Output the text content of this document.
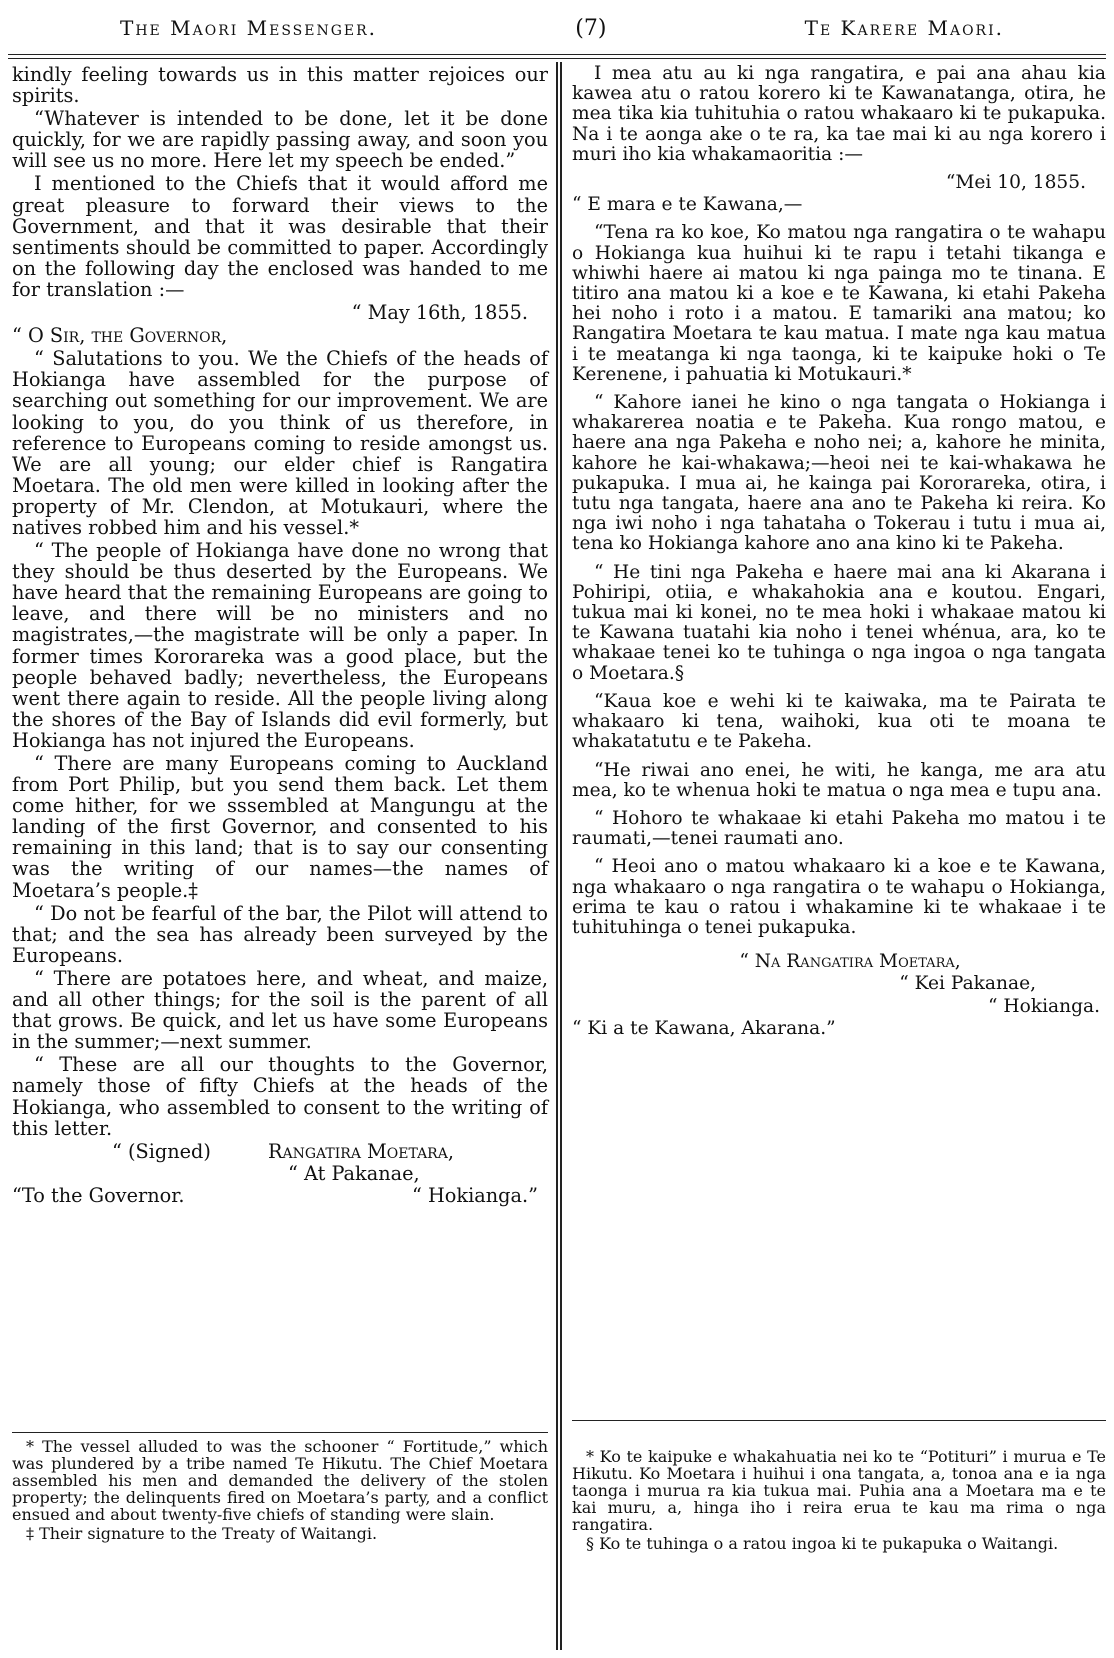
The Maori Messenger.	(7)	Te Karere Maori.

kindly feeling towards us in this matter rejoices our spirits.

“Whatever is intended to be done, let it be done quickly, for we are rapidly passing away, and soon you will see us no more. Here let my speech be ended.”

I mentioned to the Chiefs that it would afford me great pleasure to forward their views to the Government, and that it was desirable that their sentiments should be committed to paper. Accordingly on the following day the enclosed was handed to me for translation :—

“ May 16th, 1855.

“ O Sir, the Governor,

“ Salutations to you. We the Chiefs of the heads of Hokianga have assembled for the purpose of searching out something for our improvement. We are looking to you, do you think of us therefore, in reference to Europeans coming to reside amongst us. We are all young; our elder chief is Rangatira Moetara. The old men were killed in looking after the property of Mr. Clendon, at Motukauri, where the natives robbed him and his vessel.*

“ The people of Hokianga have done no wrong that they should be thus deserted by the Europeans. We have heard that the remaining Europeans are going to leave, and there will be no ministers and no magistrates,—the magistrate will be only a paper. In former times Kororareka was a good place, but the people behaved badly; nevertheless, the Europeans went there again to reside. All the people living along the shores of the Bay of Islands did evil formerly, but Hokianga has not injured the Europeans.

“ There are many Europeans coming to Auckland from Port Philip, but you send them back. Let them come hither, for we sssembled at Mangungu at the landing of the first Governor, and consented to his remaining in this land; that is to say our consenting was the writing of our names—the names of Moetara’s people.‡

“ Do not be fearful of the bar, the Pilot will attend to that; and the sea has already been surveyed by the Europeans.

“ There are potatoes here, and wheat, and maize, and all other things; for the soil is the parent of all that grows. Be quick, and let us have some Europeans in the summer;—next summer.

“ These are all our thoughts to the Governor, namely those of fifty Chiefs at the heads of the Hokianga, who assembled to consent to the writing of this letter.

“ (Signed)	Rangatira Moetara,
“ At Pakanae,
“To the Governor.	“ Hokianga.”

* The vessel alluded to was the schooner “ Fortitude,” which was plundered by a tribe named Te Hikutu. The Chief Moetara assembled his men and demanded the delivery of the stolen property; the delinquents fired on Moetara’s party, and a conflict ensued and about twenty-five chiefs of standing were slain.

‡ Their signature to the Treaty of Waitangi.

I mea atu au ki nga rangatira, e pai ana ahau kia kawea atu o ratou korero ki te Kawanatanga, otira, he mea tika kia tuhituhia o ratou whakaaro ki te pukapuka. Na i te aonga ake o te ra, ka tae mai ki au nga korero i muri iho kia whakamaoritia :—

“Mei 10, 1855.

“ E mara e te Kawana,—

“Tena ra ko koe, Ko matou nga rangatira o te wahapu o Hokianga kua huihui ki te rapu i tetahi tikanga e whiwhi haere ai matou ki nga painga mo te tinana. E titiro ana matou ki a koe e te Kawana, ki etahi Pakeha hei noho i roto i a matou. E tamariki ana matou; ko Rangatira Moetara te kau matua. I mate nga kau matua i te meatanga ki nga taonga, ki te kaipuke hoki o Te Kerenene, i pahuatia ki Motukauri.*

“ Kahore ianei he kino o nga tangata o Hokianga i whakarerea noatia e te Pakeha. Kua rongo matou, e haere ana nga Pakeha e noho nei; a, kahore he minita, kahore he kai-whakawa;—heoi nei te kai-whakawa he pukapuka. I mua ai, he kainga pai Kororareka, otira, i tutu nga tangata, haere ana ano te Pakeha ki reira. Ko nga iwi noho i nga tahataha o Tokerau i tutu i mua ai, tena ko Hokianga kahore ano ana kino ki te Pakeha.

“ He tini nga Pakeha e haere mai ana ki Akarana i Pohiripi, otiia, e whakahokia ana e koutou. Engari, tukua mai ki konei, no te mea hoki i whakaae matou ki te Kawana tuatahi kia noho i tenei whénua, ara, ko te whakaae tenei ko te tuhinga o nga ingoa o nga tangata o Moetara.§

“Kaua koe e wehi ki te kaiwaka, ma te Pairata te whakaaro ki tena, waihoki, kua oti te moana te whakatatutu e te Pakeha.

“He riwai ano enei, he witi, he kanga, me ara atu mea, ko te whenua hoki te matua o nga mea e tupu ana.

“ Hohoro te whakaae ki etahi Pakeha mo matou i te raumati,—tenei raumati ano.

“ Heoi ano o matou whakaaro ki a koe e te Kawana, nga whakaaro o nga rangatira o te wahapu o Hokianga, erima te kau o ratou i whakamine ki te whakaae i te tuhituhinga o tenei pukapuka.

“ Na Rangatira Moetara,

“ Kei Pakanae,

“ Hokianga.

“ Ki a te Kawana, Akarana.”

* Ko te kaipuke e whakahuatia nei ko te “Potituri” i murua e Te Hikutu. Ko Moetara i huihui i ona tangata, a, tonoa ana e ia nga taonga i murua ra kia tukua mai. Puhia ana a Moetara ma e te kai muru, a, hinga iho i reira erua te kau ma rima o nga rangatira.

§ Ko te tuhinga o a ratou ingoa ki te pukapuka o Waitangi.
